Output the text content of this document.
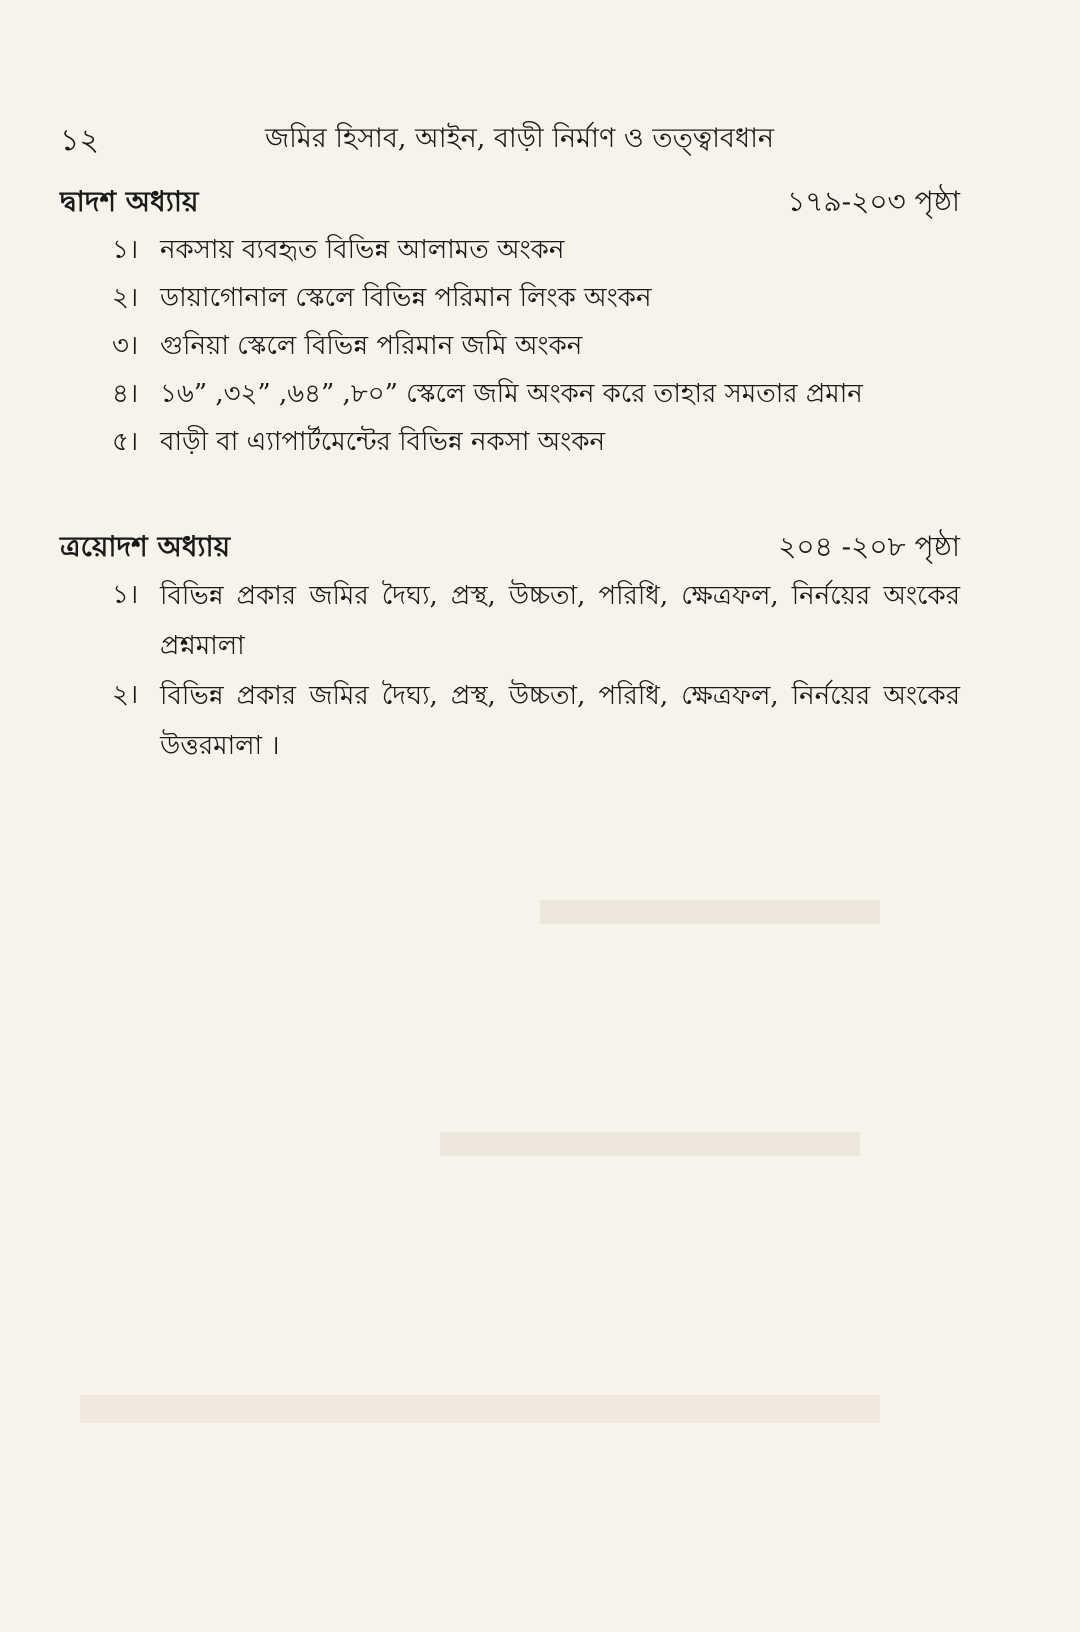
১২	জমির হিসাব, আইন, বাড়ী নির্মাণ ও তত্ত্বাবধান
দ্বাদশ অধ্যায়	১৭৯-২০৩ পৃষ্ঠা
১। নকসায় ব্যবহৃত বিভিন্ন আলামত অংকন
২। ডায়াগোনাল স্কেলে বিভিন্ন পরিমান লিংক অংকন
৩। গুনিয়া স্কেলে বিভিন্ন পরিমান জমি অংকন
৪। ১৬” ,৩২” ,৬৪” ,৮০” স্কেলে জমি অংকন করে তাহার সমতার প্রমান
৫। বাড়ী বা এ্যাপার্টমেন্টের বিভিন্ন নকসা অংকন
ত্রয়োদশ অধ্যায়	২০৪ -২০৮ পৃষ্ঠা
১। বিভিন্ন প্রকার জমির দৈঘ্য, প্রস্থ, উচ্চতা, পরিধি, ক্ষেত্রফল, নির্নয়ের অংকের প্রশ্নমালা
২। বিভিন্ন প্রকার জমির দৈঘ্য, প্রস্থ, উচ্চতা, পরিধি, ক্ষেত্রফল, নির্নয়ের অংকের উত্তরমালা ।
